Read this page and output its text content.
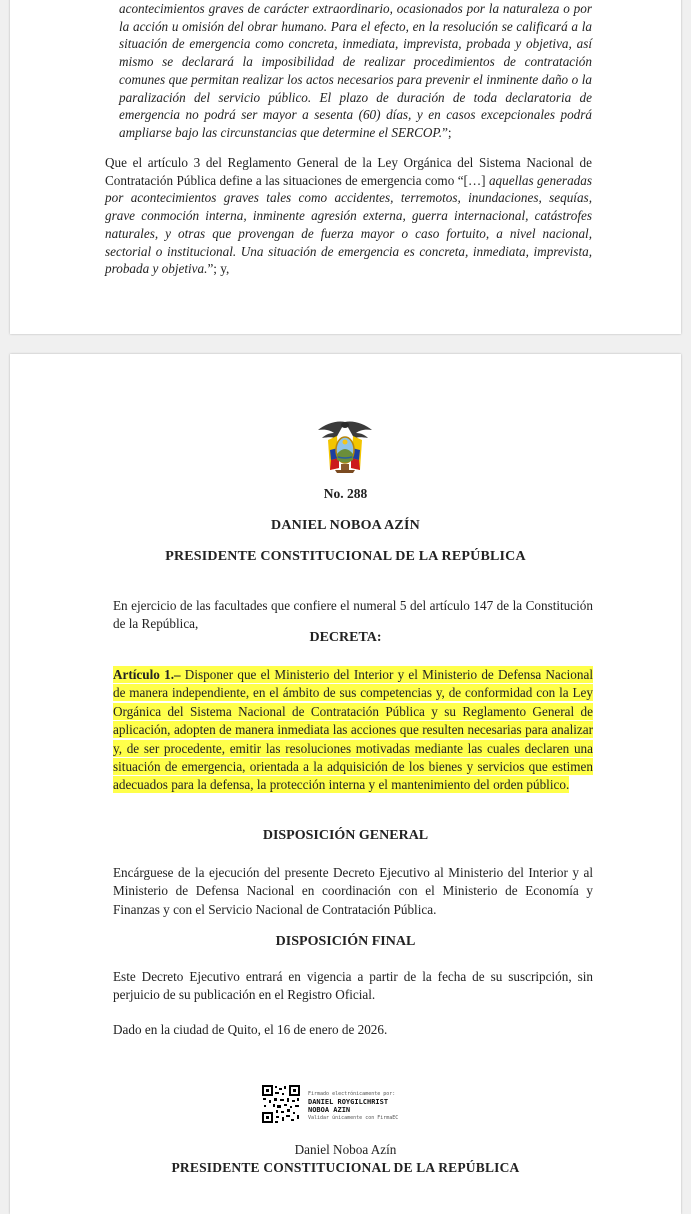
acontecimientos graves de carácter extraordinario, ocasionados por la naturaleza o por la acción u omisión del obrar humano. Para el efecto, en la resolución se calificará a la situación de emergencia como concreta, inmediata, imprevista, probada y objetiva, así mismo se declarará la imposibilidad de realizar procedimientos de contratación comunes que permitan realizar los actos necesarios para prevenir el inminente daño o la paralización del servicio público. El plazo de duración de toda declaratoria de emergencia no podrá ser mayor a sesenta (60) días, y en casos excepcionales podrá ampliarse bajo las circunstancias que determine el SERCOP.”;

Que el artículo 3 del Reglamento General de la Ley Orgánica del Sistema Nacional de Contratación Pública define a las situaciones de emergencia como “[…] aquellas generadas por acontecimientos graves tales como accidentes, terremotos, inundaciones, sequías, grave conmoción interna, inminente agresión externa, guerra internacional, catástrofes naturales, y otras que provengan de fuerza mayor o caso fortuito, a nivel nacional, sectorial o institucional. Una situación de emergencia es concreta, inmediata, imprevista, probada y objetiva.”; y,

No. 288
DANIEL NOBOA AZÍN
PRESIDENTE CONSTITUCIONAL DE LA REPÚBLICA

En ejercicio de las facultades que confiere el numeral 5 del artículo 147 de la Constitución de la República,

DECRETA:

Artículo 1.– Disponer que el Ministerio del Interior y el Ministerio de Defensa Nacional de manera independiente, en el ámbito de sus competencias y, de conformidad con la Ley Orgánica del Sistema Nacional de Contratación Pública y su Reglamento General de aplicación, adopten de manera inmediata las acciones que resulten necesarias para analizar y, de ser procedente, emitir las resoluciones motivadas mediante las cuales declaren una situación de emergencia, orientada a la adquisición de los bienes y servicios que estimen adecuados para la defensa, la protección interna y el mantenimiento del orden público.

DISPOSICIÓN GENERAL

Encárguese de la ejecución del presente Decreto Ejecutivo al Ministerio del Interior y al Ministerio de Defensa Nacional en coordinación con el Ministerio de Economía y Finanzas y con el Servicio Nacional de Contratación Pública.

DISPOSICIÓN FINAL

Este Decreto Ejecutivo entrará en vigencia a partir de la fecha de su suscripción, sin perjuicio de su publicación en el Registro Oficial.

Dado en la ciudad de Quito, el 16 de enero de 2026.

Firmado electrónicamente por:
DANIEL ROYGILCHRIST
NOBOA AZIN
Validar únicamente con FirmaEC
Daniel Noboa Azín
PRESIDENTE CONSTITUCIONAL DE LA REPÚBLICA
